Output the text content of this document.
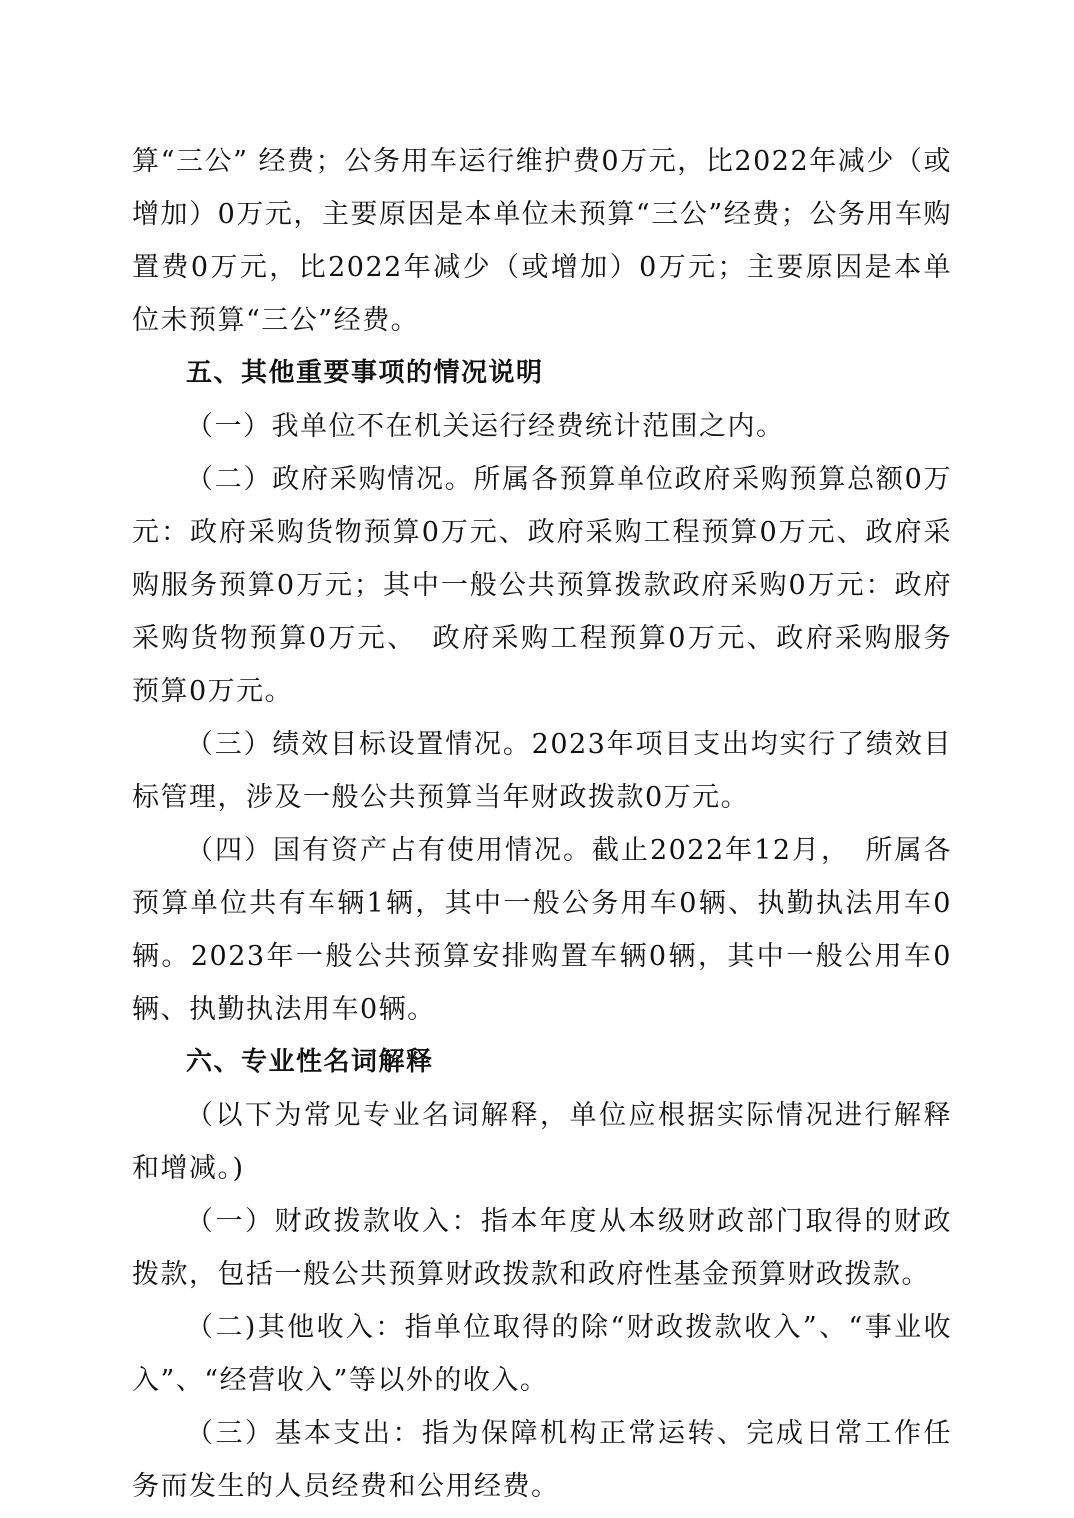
算“三公” 经费；公务用车运行维护费0万元，比2022年减少（或增加）0万元，主要原因是本单位未预算“三公”经费；公务用车购置费0万元，比2022年减少（或增加）0万元；主要原因是本单位未预算“三公”经费。

五、其他重要事项的情况说明

（一）我单位不在机关运行经费统计范围之内。

（二）政府采购情况。所属各预算单位政府采购预算总额0万元：政府采购货物预算0万元、政府采购工程预算0万元、政府采购服务预算0万元；其中一般公共预算拨款政府采购0万元：政府采购货物预算0万元、　政府采购工程预算0万元、政府采购服务预算0万元。

（三）绩效目标设置情况。2023年项目支出均实行了绩效目标管理，涉及一般公共预算当年财政拨款0万元。

（四）国有资产占有使用情况。截止2022年12月，　所属各预算单位共有车辆1辆，其中一般公务用车0辆、执勤执法用车0辆。2023年一般公共预算安排购置车辆0辆，其中一般公用车0辆、执勤执法用车0辆。

六、专业性名词解释

（以下为常见专业名词解释，单位应根据实际情况进行解释和增减。)

（一）财政拨款收入：指本年度从本级财政部门取得的财政拨款，包括一般公共预算财政拨款和政府性基金预算财政拨款。

（二)其他收入：指单位取得的除“财政拨款收入”、“事业收入”、“经营收入”等以外的收入。

（三）基本支出：指为保障机构正常运转、完成日常工作任务而发生的人员经费和公用经费。
